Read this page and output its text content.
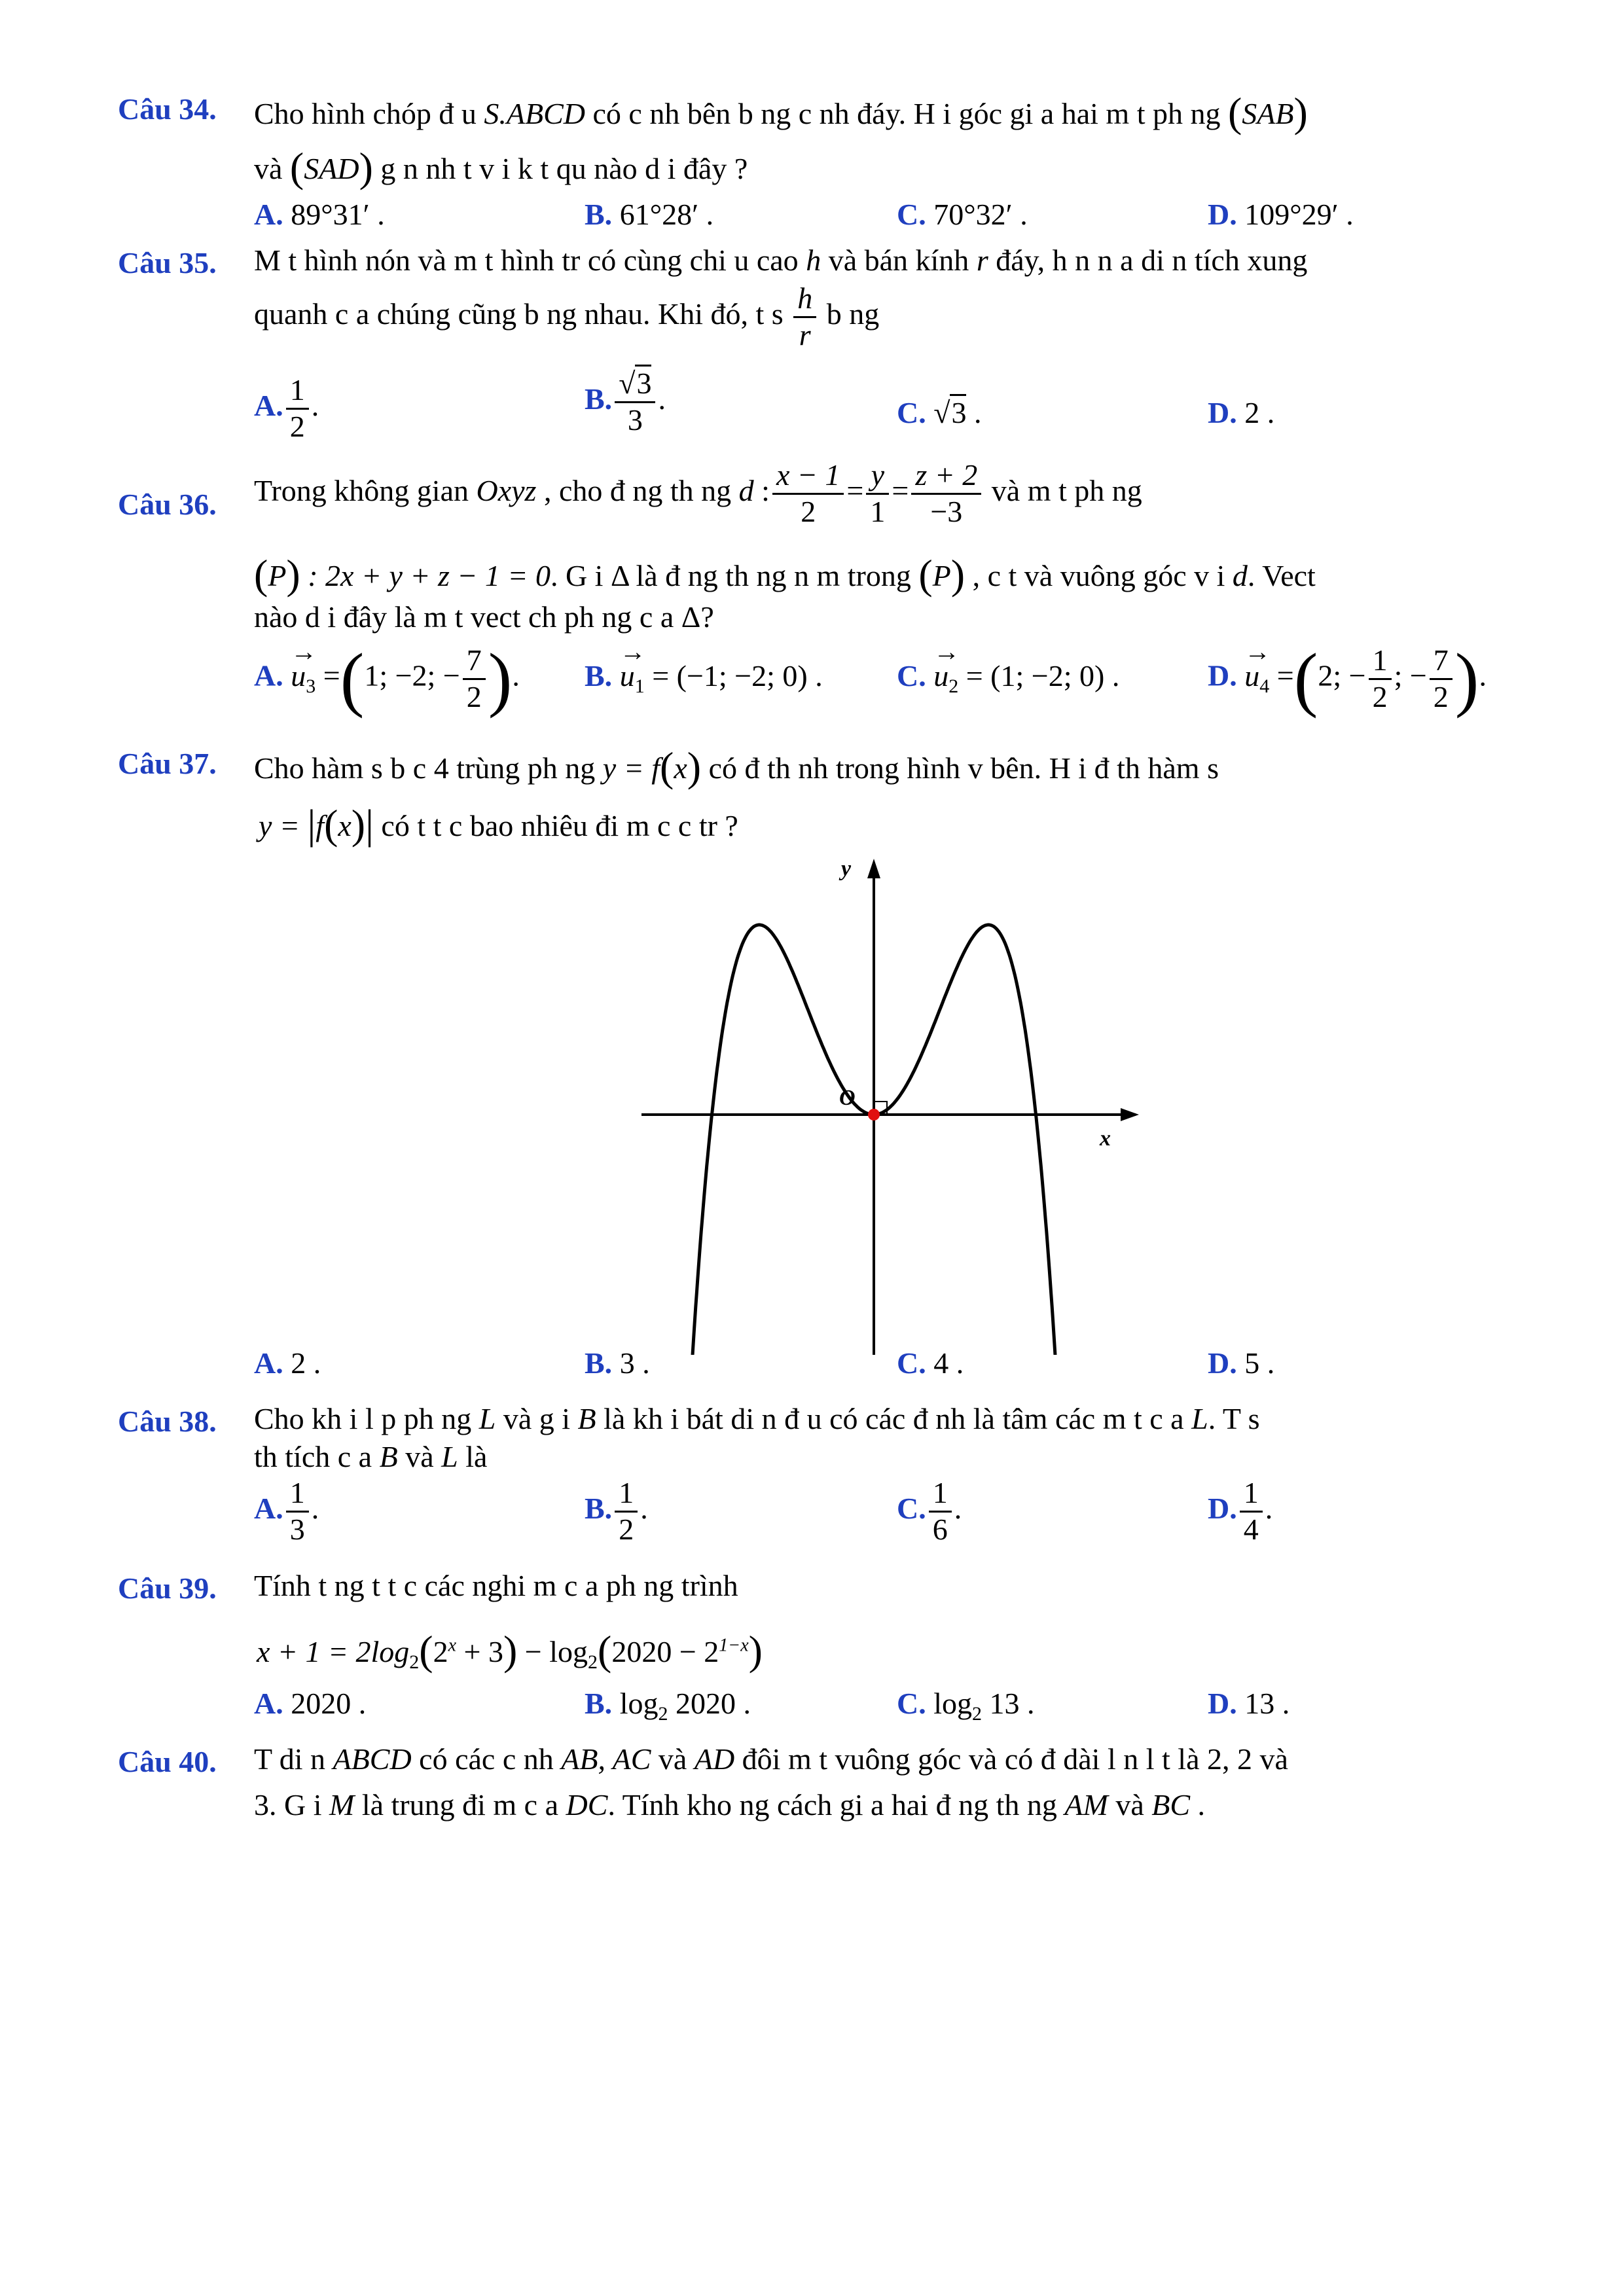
Câu 34. Cho hình chóp đ u S.ABCD có c nh bên b ng c nh đáy. H i góc gi a hai m t ph ng (SAB)
và (SAD) g n nh t v i k t qu nào d i đây ?
A. 89°31′ .	B. 61°28′ .	C. 70°32′ .	D. 109°29′ .
Câu 35. M t hình nón và m t hình tr có cùng chi u cao h và bán kính r đáy, h n n a di n tích xung
quanh c a chúng cũng b ng nhau. Khi đó, t s $\frac{h}{r}$ b ng
A. $\frac{1}{2}$ .	B. $\frac{√3}{3}$ .	C. √3 .	D. 2 .
Câu 36. Trong không gian Oxyz , cho đ ng th ng d : $\frac{x - 1}{2} = \frac{y}{1} = \frac{z + 2}{-3}$ và m t ph ng
(P) : 2x + y + z − 1 = 0. G i Δ là đ ng th ng n m trong (P) , c t và vuông góc v i d. Vect
nào d i đây là m t vect ch ph ng c a Δ?
A. → $u_3 =(1$; −2; − $\frac{7}{2}$ ). B. → $u_1 = (-1$; −2; 0) . C. → $u_2 = (1$; −2; 0) .	D. → $u_4 =(2$; − $\frac{1}{2}$ ; − $\frac{7}{2}$ ).
Câu 37. Cho hàm s b c 4 trùng ph ng y = f(x) có đ th nh trong hình v bên. H i đ th hàm s
y = |f(x)| có t t c bao nhiêu đi m c c tr ?
y
x
O
A. 2 .	B. 3 .	C. 4 .	D. 5 .
Câu 38. Cho kh i l p ph ng L và g i B là kh i bát di n đ u có các đ nh là tâm các m t c a L. T s
th tích c a B và L là
A. $\frac{1}{3}$ .	B. $\frac{1}{2}$ .	C. $\frac{1}{6}$ .	D. $\frac{1}{4}$ .
Câu 39. Tính t ng t t c các nghi m c a ph ng trình
$x + 1 = 2\log_2(2^x + 3) - \log_2(2020 - 2^{1-x})$
A. 2020 .	B. $\log_2 2020$ .	C. $\log_2 13$ .	D. 13 .
Câu 40. T di n ABCD có các c nh AB, AC và AD đôi m t vuông góc và có đ dài l n l t là 2, 2 và
3. G i M là trung đi m c a DC. Tính kho ng cách gi a hai đ ng th ng AM và BC .
